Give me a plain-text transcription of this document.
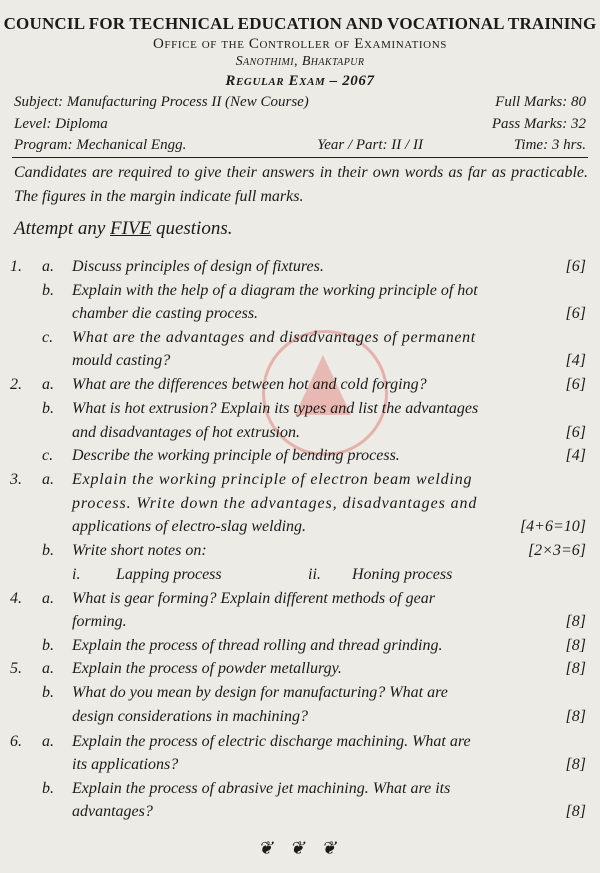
COUNCIL FOR TECHNICAL EDUCATION AND VOCATIONAL TRAINING
Office of the Controller of Examinations
Sanothimi, Bhaktapur
Regular Exam – 2067
Subject: Manufacturing Process II (New Course)	Full Marks: 80
Level: Diploma	Pass Marks: 32
Program: Mechanical Engg.	Year / Part: II / II	Time: 3 hrs.
Candidates are required to give their answers in their own words as far as practicable. The figures in the margin indicate full marks.
Attempt any FIVE questions.
1. a. Discuss principles of design of fixtures.	[6]
b. Explain with the help of a diagram the working principle of hot
chamber die casting process.	[6]
c. What are the advantages and disadvantages of permanent
mould casting?	[4]
2. a. What are the differences between hot and cold forging?	[6]
b. What is hot extrusion? Explain its types and list the advantages
and disadvantages of hot extrusion.	[6]
c. Describe the working principle of bending process.	[4]
3. a. Explain the working principle of electron beam welding
process. Write down the advantages, disadvantages and
applications of electro-slag welding.	[4+6=10]
b. Write short notes on:	[2×3=6]
i. Lapping process	ii. Honing process
4. a. What is gear forming? Explain different methods of gear
forming.	[8]
b. Explain the process of thread rolling and thread grinding.	[8]
5. a. Explain the process of powder metallurgy.	[8]
b. What do you mean by design for manufacturing? What are
design considerations in machining?	[8]
6. a. Explain the process of electric discharge machining. What are
its applications?	[8]
b. Explain the process of abrasive jet machining. What are its
advantages?	[8]
❦ ❦ ❦
